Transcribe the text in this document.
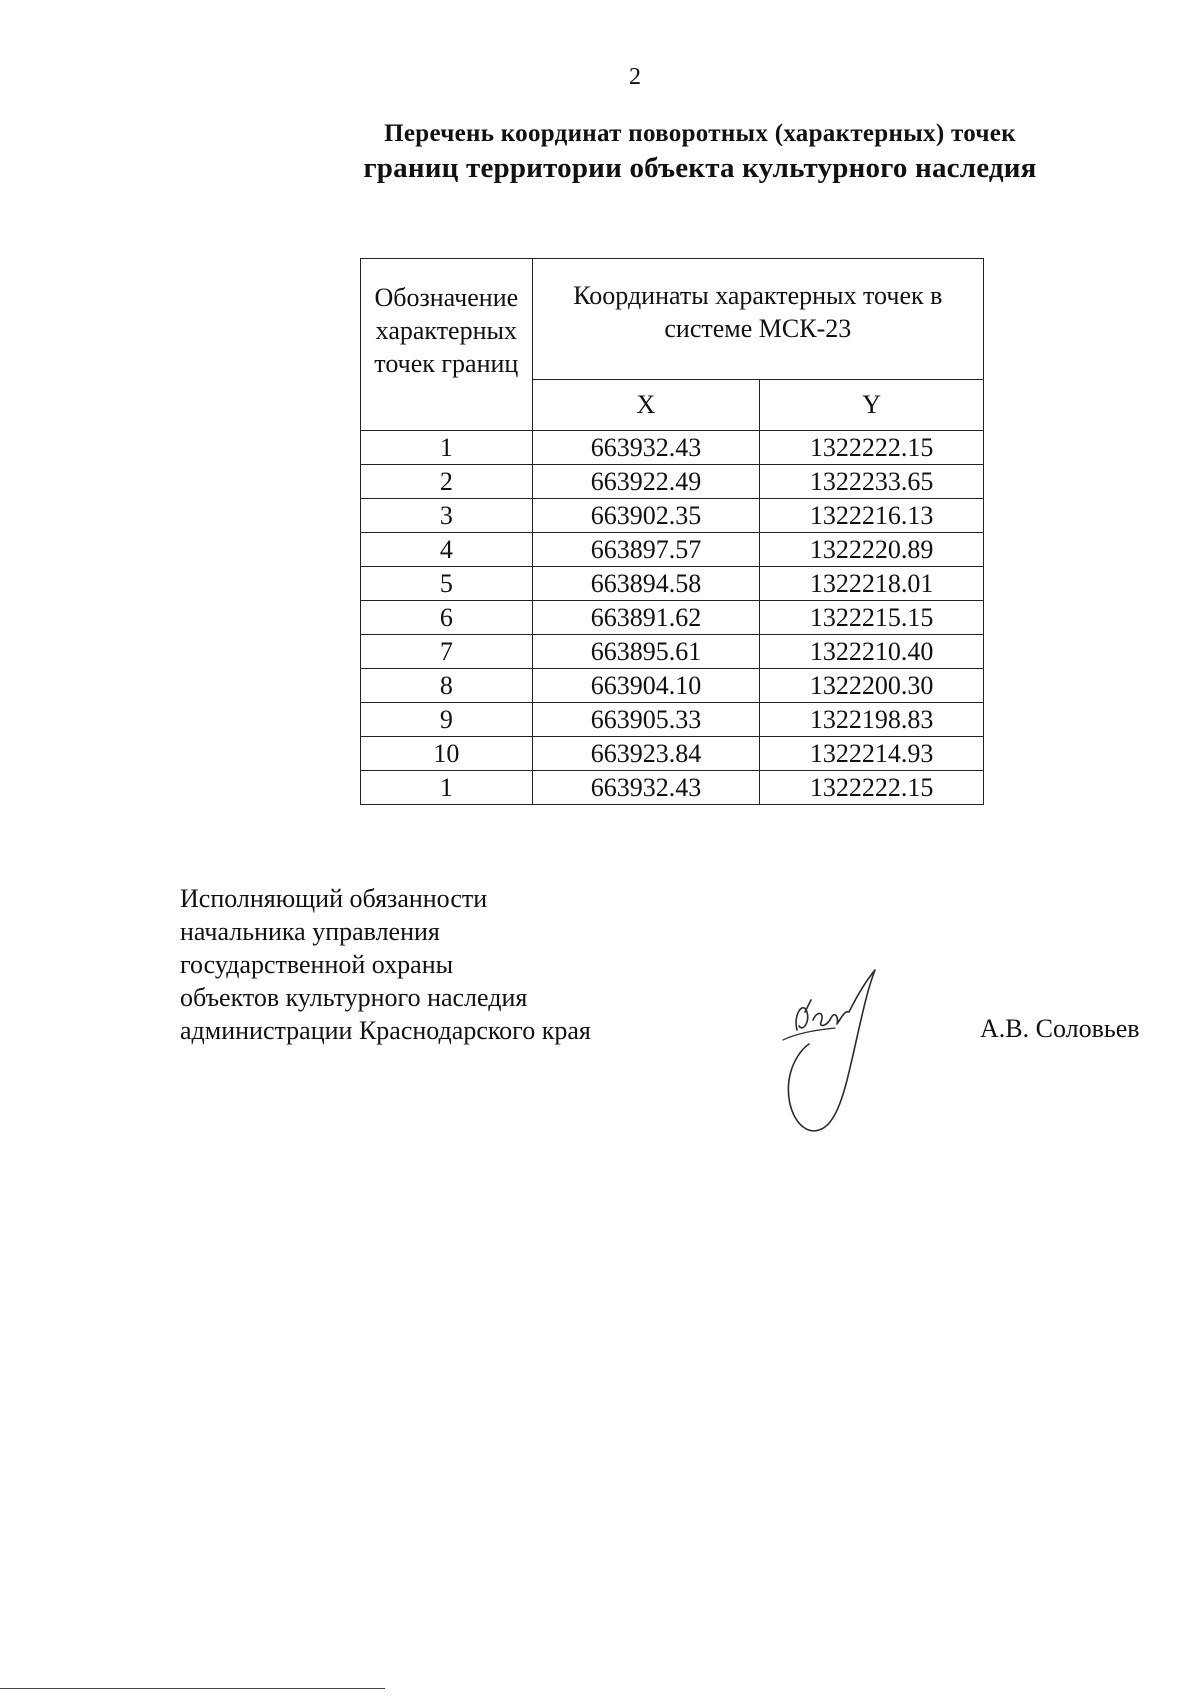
2
Перечень координат поворотных (характерных) точек
границ территории объекта культурного наследия
Обозначение характерных точек границ	Координаты характерных точек в системе МСК-23	
	X	Y
1	663932.43	1322222.15
2	663922.49	1322233.65
3	663902.35	1322216.13
4	663897.57	1322220.89
5	663894.58	1322218.01
6	663891.62	1322215.15
7	663895.61	1322210.40
8	663904.10	1322200.30
9	663905.33	1322198.83
10	663923.84	1322214.93
1	663932.43	1322222.15
Исполняющий обязанности
начальника управления
государственной охраны
объектов культурного наследия
администрации Краснодарского края	А.В. Соловьев
